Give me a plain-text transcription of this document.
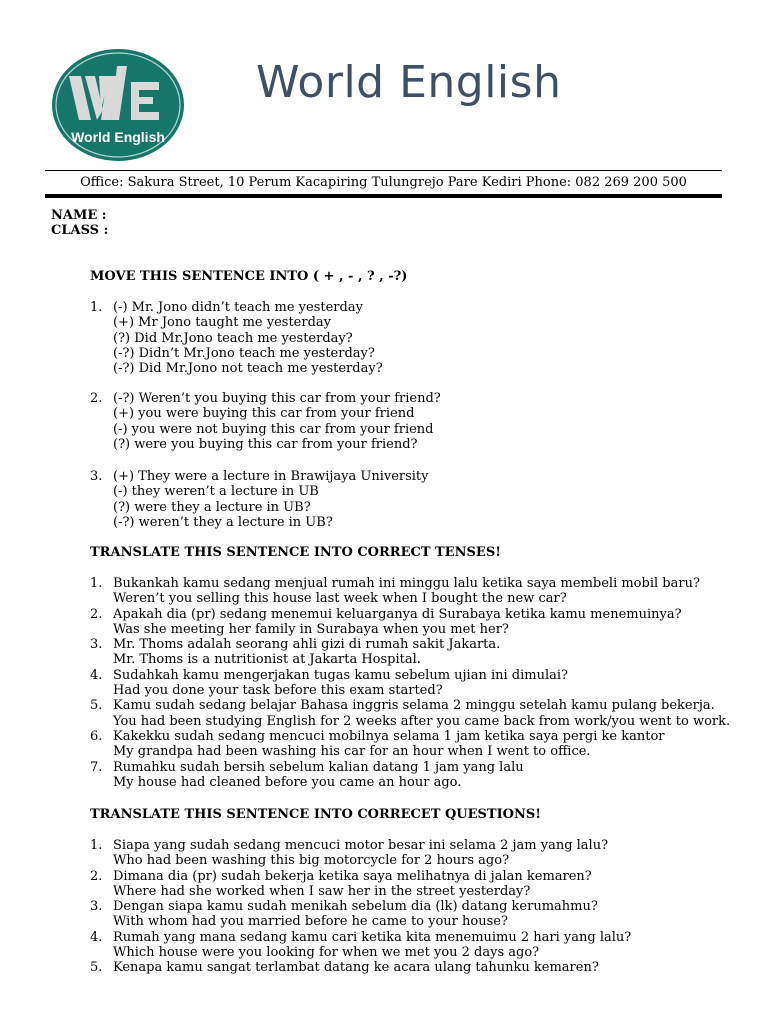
World English
World English
Office: Sakura Street, 10 Perum Kacapiring Tulungrejo Pare Kediri Phone: 082 269 200 500
NAME :
CLASS :
MOVE THIS SENTENCE INTO ( + , - , ? , -?)
1. (-) Mr. Jono didn’t teach me yesterday
(+) Mr Jono taught me yesterday
(?) Did Mr.Jono teach me yesterday?
(-?) Didn’t Mr.Jono teach me yesterday?
(-?) Did Mr.Jono not teach me yesterday?
2. (-?) Weren’t you buying this car from your friend?
(+) you were buying this car from your friend
(-) you were not buying this car from your friend
(?) were you buying this car from your friend?
3. (+) They were a lecture in Brawijaya University
(-) they weren’t a lecture in UB
(?) were they a lecture in UB?
(-?) weren’t they a lecture in UB?
TRANSLATE THIS SENTENCE INTO CORRECT TENSES!
1. Bukankah kamu sedang menjual rumah ini minggu lalu ketika saya membeli mobil baru?
Weren’t you selling this house last week when I bought the new car?
2. Apakah dia (pr) sedang menemui keluarganya di Surabaya ketika kamu menemuinya?
Was she meeting her family in Surabaya when you met her?
3. Mr. Thoms adalah seorang ahli gizi di rumah sakit Jakarta.
Mr. Thoms is a nutritionist at Jakarta Hospital.
4. Sudahkah kamu mengerjakan tugas kamu sebelum ujian ini dimulai?
Had you done your task before this exam started?
5. Kamu sudah sedang belajar Bahasa inggris selama 2 minggu setelah kamu pulang bekerja.
You had been studying English for 2 weeks after you came back from work/you went to work.
6. Kakekku sudah sedang mencuci mobilnya selama 1 jam ketika saya pergi ke kantor
My grandpa had been washing his car for an hour when I went to office.
7. Rumahku sudah bersih sebelum kalian datang 1 jam yang lalu
My house had cleaned before you came an hour ago.
TRANSLATE THIS SENTENCE INTO CORRECET QUESTIONS!
1. Siapa yang sudah sedang mencuci motor besar ini selama 2 jam yang lalu?
Who had been washing this big motorcycle for 2 hours ago?
2. Dimana dia (pr) sudah bekerja ketika saya melihatnya di jalan kemaren?
Where had she worked when I saw her in the street yesterday?
3. Dengan siapa kamu sudah menikah sebelum dia (lk) datang kerumahmu?
With whom had you married before he came to your house?
4. Rumah yang mana sedang kamu cari ketika kita menemuimu 2 hari yang lalu?
Which house were you looking for when we met you 2 days ago?
5. Kenapa kamu sangat terlambat datang ke acara ulang tahunku kemaren?
